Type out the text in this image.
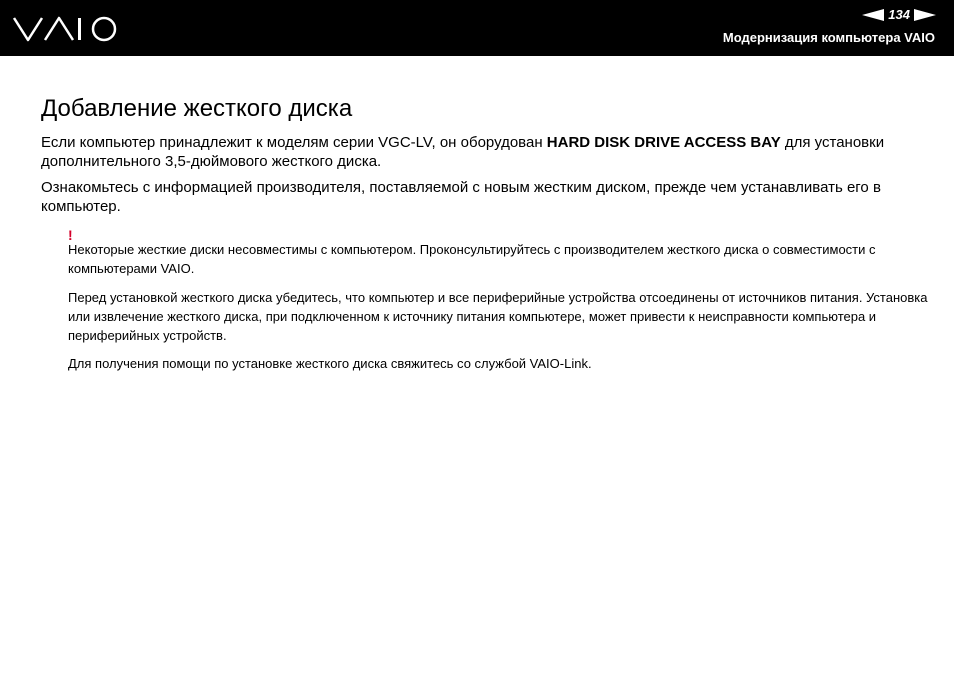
134
Модернизация компьютера VAIO
Добавление жесткого диска

Если компьютер принадлежит к моделям серии VGC-LV, он оборудован HARD DISK DRIVE ACCESS BAY для установки дополнительного 3,5-дюймового жесткого диска.

Ознакомьтесь с информацией производителя, поставляемой с новым жестким диском, прежде чем устанавливать его в компьютер.

!

Некоторые жесткие диски несовместимы с компьютером. Проконсультируйтесь с производителем жесткого диска о совместимости с компьютерами VAIO.

Перед установкой жесткого диска убедитесь, что компьютер и все периферийные устройства отсоединены от источников питания. Установка или извлечение жесткого диска, при подключенном к источнику питания компьютере, может привести к неисправности компьютера и периферийных устройств.

Для получения помощи по установке жесткого диска свяжитесь со службой VAIO-Link.
